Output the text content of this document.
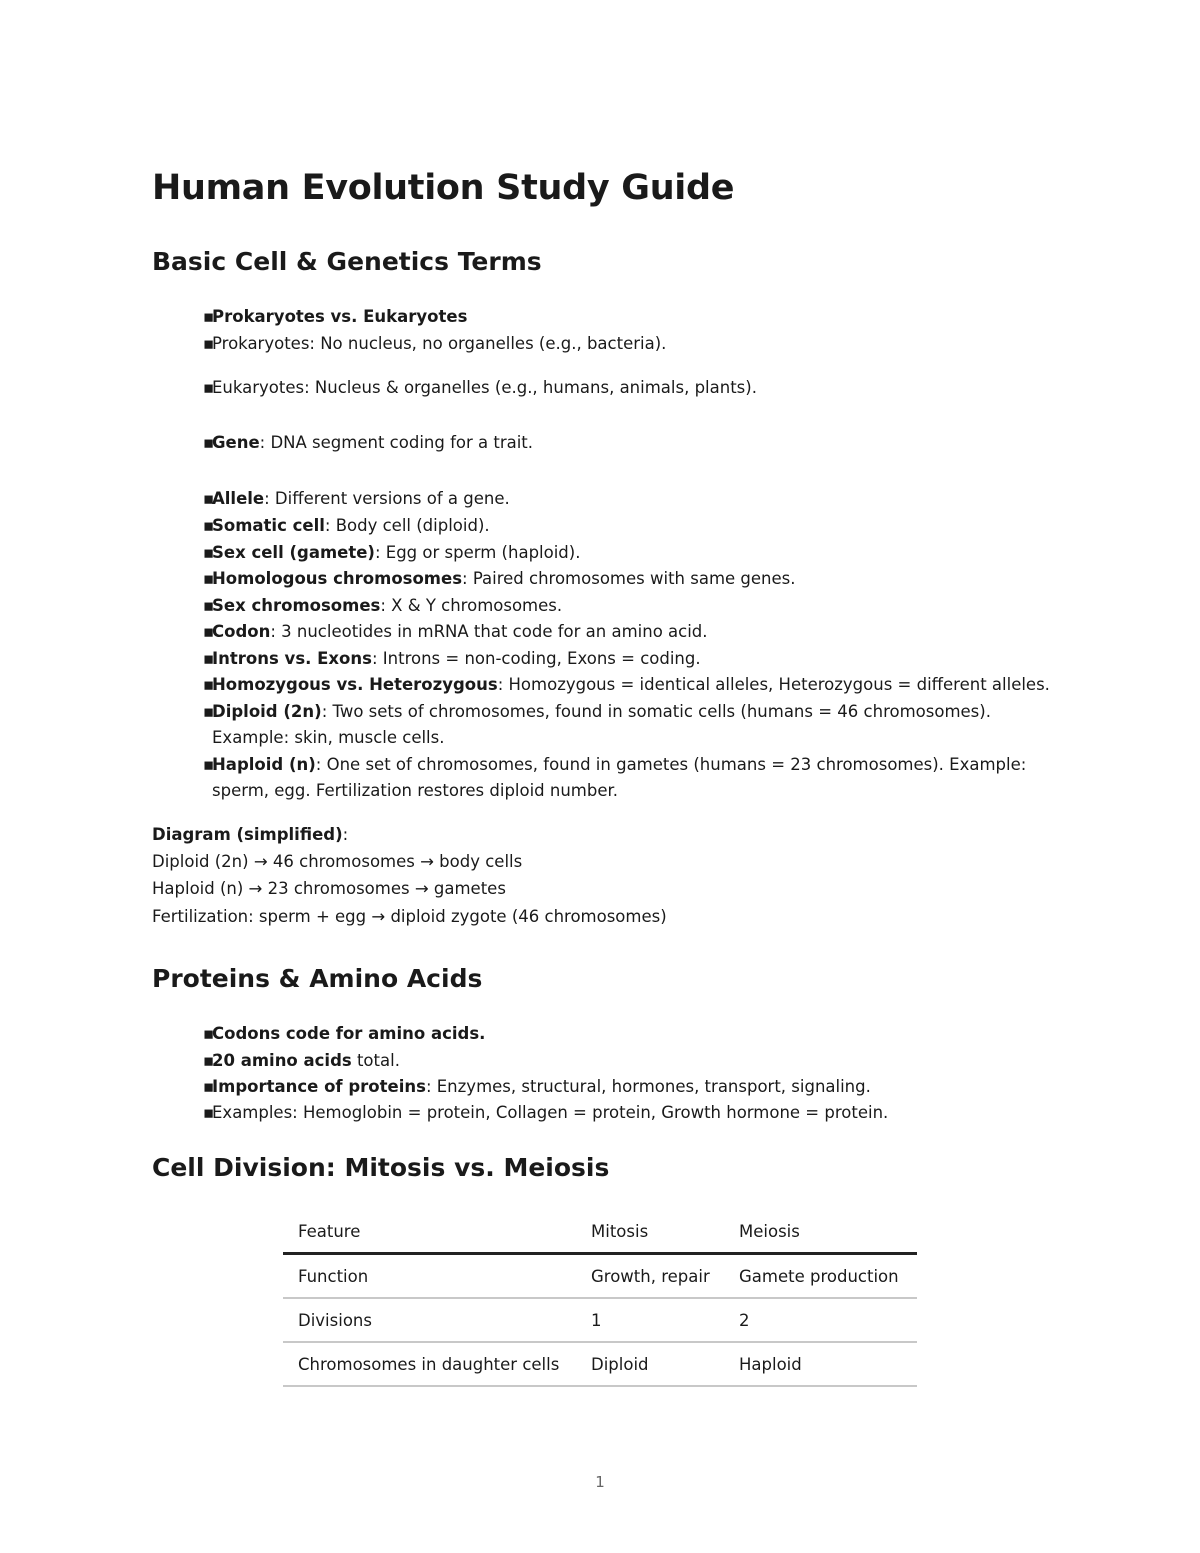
Human Evolution Study Guide
Basic Cell & Genetics Terms
▪Prokaryotes vs. Eukaryotes
▪Prokaryotes: No nucleus, no organelles (e.g., bacteria).
▪Eukaryotes: Nucleus & organelles (e.g., humans, animals, plants).
▪Gene: DNA segment coding for a trait.
▪Allele: Different versions of a gene.
▪Somatic cell: Body cell (diploid).
▪Sex cell (gamete): Egg or sperm (haploid).
▪Homologous chromosomes: Paired chromosomes with same genes.
▪Sex chromosomes: X & Y chromosomes.
▪Codon: 3 nucleotides in mRNA that code for an amino acid.
▪Introns vs. Exons: Introns = non-coding, Exons = coding.
▪Homozygous vs. Heterozygous: Homozygous = identical alleles, Heterozygous = different alleles.
▪Diploid (2n): Two sets of chromosomes, found in somatic cells (humans = 46 chromosomes).
Example: skin, muscle cells.
▪Haploid (n): One set of chromosomes, found in gametes (humans = 23 chromosomes). Example:
sperm, egg. Fertilization restores diploid number.
Diagram (simplified):
Diploid (2n) → 46 chromosomes → body cells
Haploid (n) → 23 chromosomes → gametes
Fertilization: sperm + egg → diploid zygote (46 chromosomes)
Proteins & Amino Acids
▪Codons code for amino acids.
▪20 amino acids total.
▪Importance of proteins: Enzymes, structural, hormones, transport, signaling.
▪Examples: Hemoglobin = protein, Collagen = protein, Growth hormone = protein.
Cell Division: Mitosis vs. Meiosis
Feature	Mitosis	Meiosis
Function	Growth, repair	Gamete production
Divisions	1	2
Chromosomes in daughter cells	Diploid	Haploid
1
